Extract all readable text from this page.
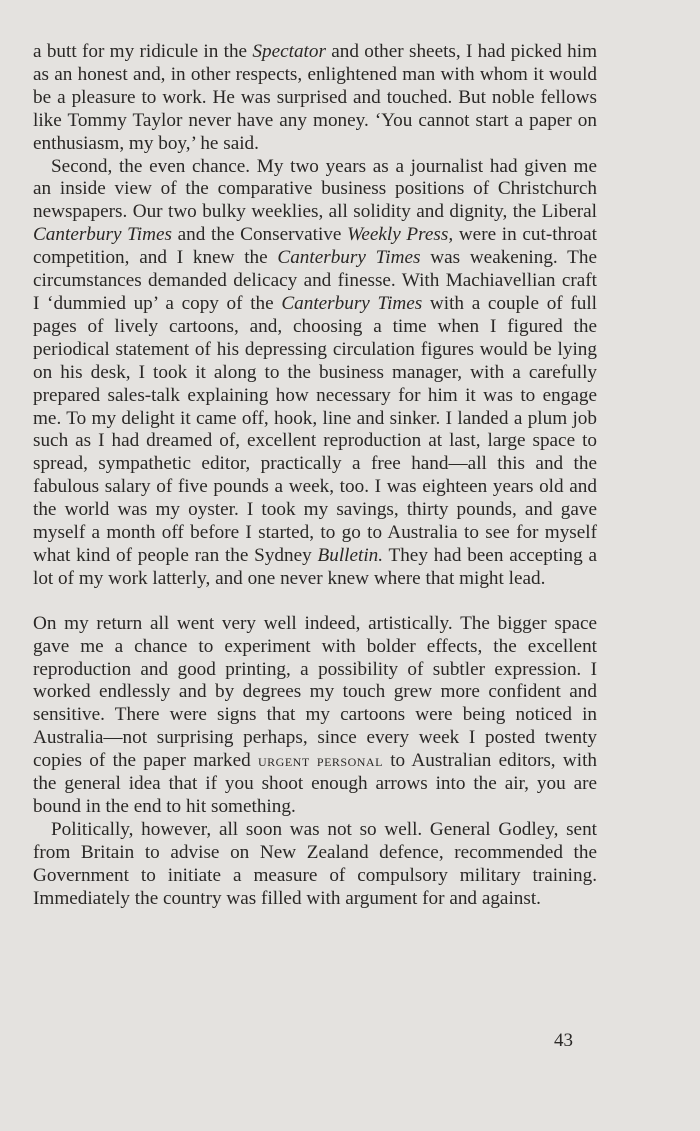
a butt for my ridicule in the Spectator and other sheets, I had picked him as an honest and, in other respects, enlightened man with whom it would be a pleasure to work. He was surprised and touched. But noble fellows like Tommy Taylor never have any money. ‘You cannot start a paper on enthusiasm, my boy,’ he said.

Second, the even chance. My two years as a journalist had given me an inside view of the comparative business positions of Christchurch newspapers. Our two bulky weeklies, all solidity and dignity, the Liberal Canterbury Times and the Conservative Weekly Press, were in cut-throat competition, and I knew the Canterbury Times was weakening. The circumstances demanded delicacy and finesse. With Machiavellian craft I ‘dummied up’ a copy of the Canterbury Times with a couple of full pages of lively cartoons, and, choosing a time when I figured the periodical statement of his depressing circulation figures would be lying on his desk, I took it along to the business manager, with a carefully prepared sales-talk explaining how necessary for him it was to engage me. To my delight it came off, hook, line and sinker. I landed a plum job such as I had dreamed of, excellent reproduction at last, large space to spread, sympathetic editor, practically a free hand—all this and the fabulous salary of five pounds a week, too. I was eighteen years old and the world was my oyster. I took my savings, thirty pounds, and gave myself a month off before I started, to go to Australia to see for myself what kind of people ran the Sydney Bulletin. They had been accepting a lot of my work latterly, and one never knew where that might lead.

On my return all went very well indeed, artistically. The bigger space gave me a chance to experiment with bolder effects, the excellent reproduction and good printing, a possibility of subtler expression. I worked endlessly and by degrees my touch grew more confident and sensitive. There were signs that my cartoons were being noticed in Australia—not surprising perhaps, since every week I posted twenty copies of the paper marked urgent personal to Australian editors, with the general idea that if you shoot enough arrows into the air, you are bound in the end to hit something.

Politically, however, all soon was not so well. General Godley, sent from Britain to advise on New Zealand defence, recommended the Government to initiate a measure of compulsory military training. Immediately the country was filled with argument for and against.

43
